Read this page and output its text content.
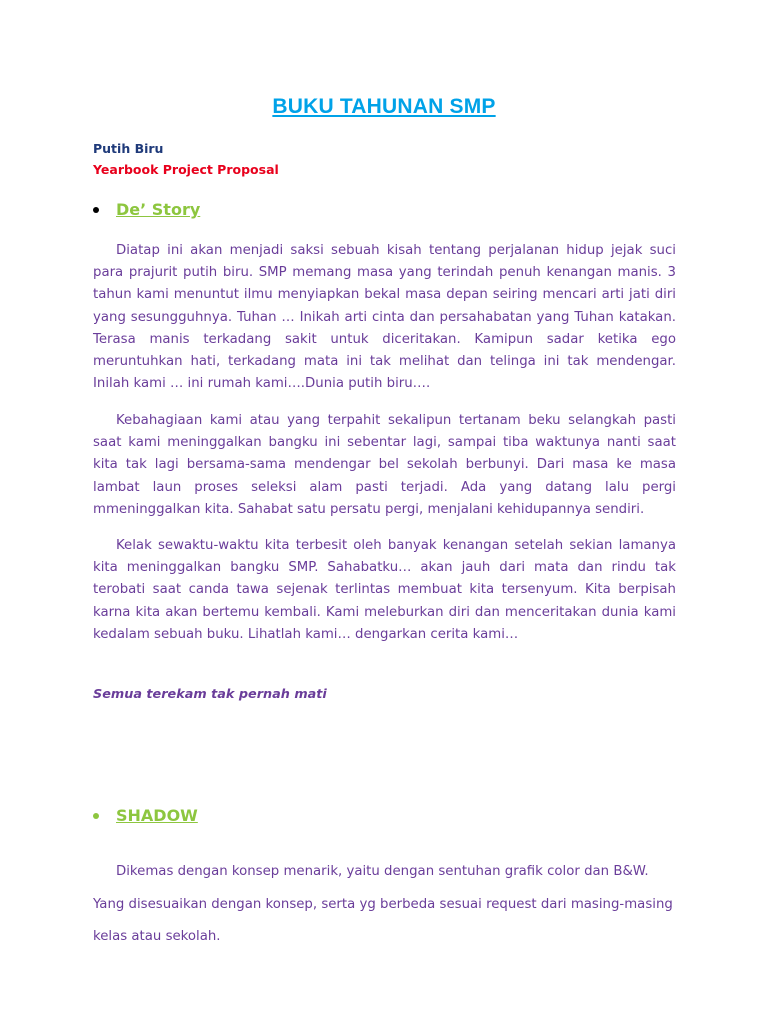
BUKU TAHUNAN SMP

Putih Biru

Yearbook Project Proposal

De’ Story

Diatap ini akan menjadi saksi sebuah kisah tentang perjalanan hidup jejak suci para prajurit putih biru. SMP memang masa yang terindah penuh kenangan manis. 3 tahun kami menuntut ilmu menyiapkan bekal masa depan seiring mencari arti jati diri yang sesungguhnya. Tuhan … Inikah arti cinta dan persahabatan yang Tuhan katakan. Terasa manis terkadang sakit untuk diceritakan. Kamipun sadar ketika ego meruntuhkan hati, terkadang mata ini tak melihat dan telinga ini tak mendengar. Inilah kami … ini rumah kami….Dunia putih biru….

Kebahagiaan kami atau yang terpahit sekalipun tertanam beku selangkah pasti saat kami meninggalkan bangku ini sebentar lagi, sampai tiba waktunya nanti saat kita tak lagi bersama-sama mendengar bel sekolah berbunyi. Dari masa ke masa lambat laun proses seleksi alam pasti terjadi. Ada yang datang lalu pergi mmeninggalkan kita. Sahabat satu persatu pergi, menjalani kehidupannya sendiri.

Kelak sewaktu-waktu kita terbesit oleh banyak kenangan setelah sekian lamanya kita meninggalkan bangku SMP. Sahabatku… akan jauh dari mata dan rindu tak terobati saat canda tawa sejenak terlintas membuat kita tersenyum. Kita berpisah karna kita akan bertemu kembali. Kami meleburkan diri dan menceritakan dunia kami kedalam sebuah buku. Lihatlah kami… dengarkan cerita kami…

Semua terekam tak pernah mati

SHADOW

Dikemas dengan konsep menarik, yaitu dengan sentuhan grafik color dan B&W. Yang disesuaikan dengan konsep, serta yg berbeda sesuai request dari masing-masing kelas atau sekolah.
